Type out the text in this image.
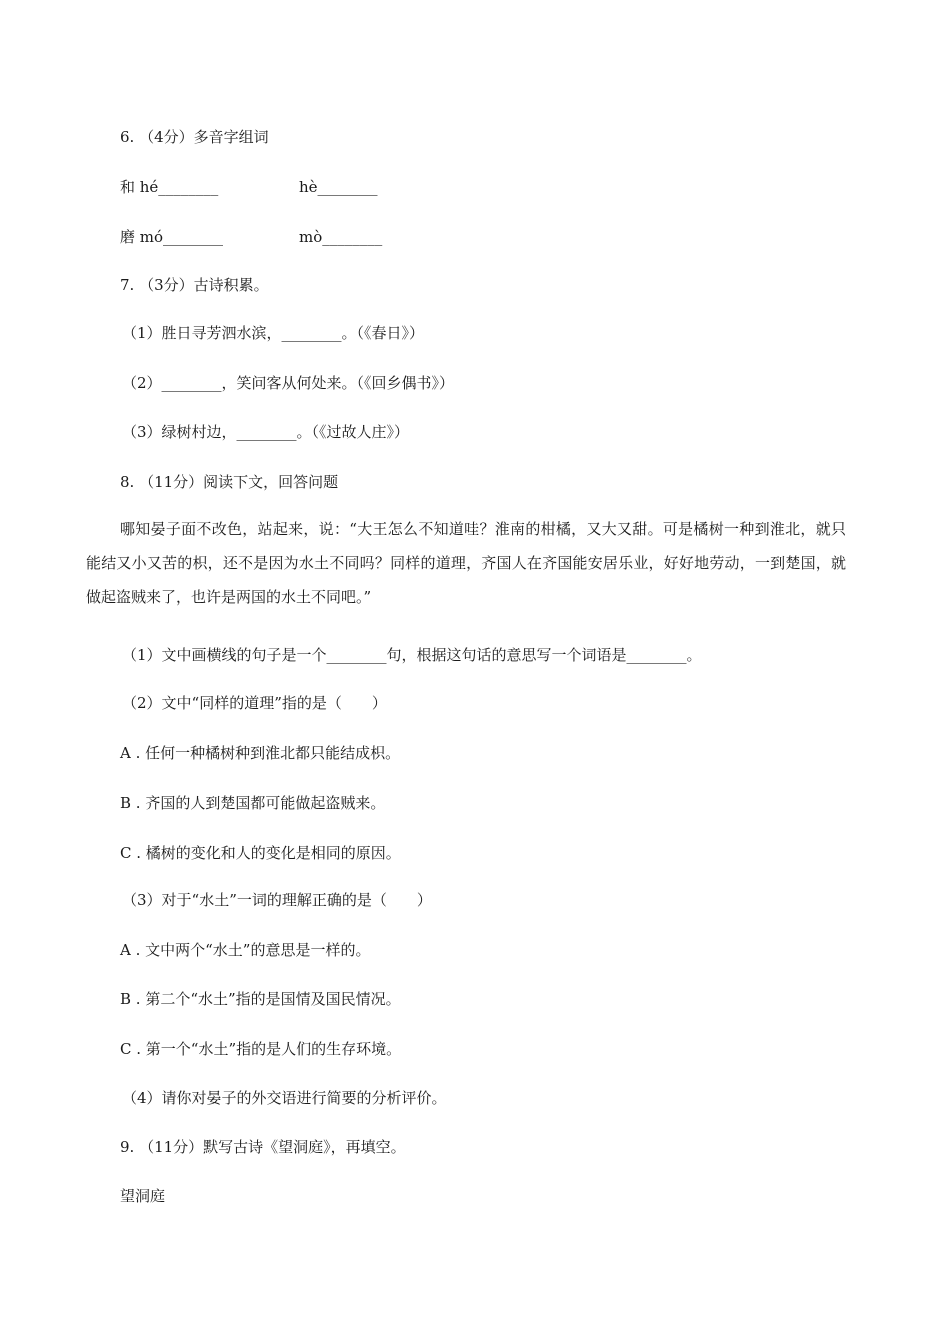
6. （4分）多音字组词
和 hé________	hè________
磨 mó________	mò________
7. （3分）古诗积累。
（1）胜日寻芳泗水滨，________。（《春日》）
（2）________，笑问客从何处来。（《回乡偶书》）
（3）绿树村边，________。（《过故人庄》）
8. （11分）阅读下文，回答问题
哪知晏子面不改色，站起来，说：“大王怎么不知道哇？淮南的柑橘，又大又甜。可是橘树一种到淮北，就只能结又小又苦的枳，还不是因为水土不同吗？同样的道理，齐国人在齐国能安居乐业，好好地劳动，一到楚国，就做起盗贼来了，也许是两国的水土不同吧。”
（1）文中画横线的句子是一个________句，根据这句话的意思写一个词语是________。
（2）文中“同样的道理”指的是（　　）
A . 任何一种橘树种到淮北都只能结成枳。
B . 齐国的人到楚国都可能做起盗贼来。
C . 橘树的变化和人的变化是相同的原因。
（3）对于“水土”一词的理解正确的是（　　）
A . 文中两个“水土”的意思是一样的。
B . 第二个“水土”指的是国情及国民情况。
C . 第一个“水土”指的是人们的生存环境。
（4）请你对晏子的外交语进行简要的分析评价。
9. （11分）默写古诗《望洞庭》，再填空。
望洞庭
